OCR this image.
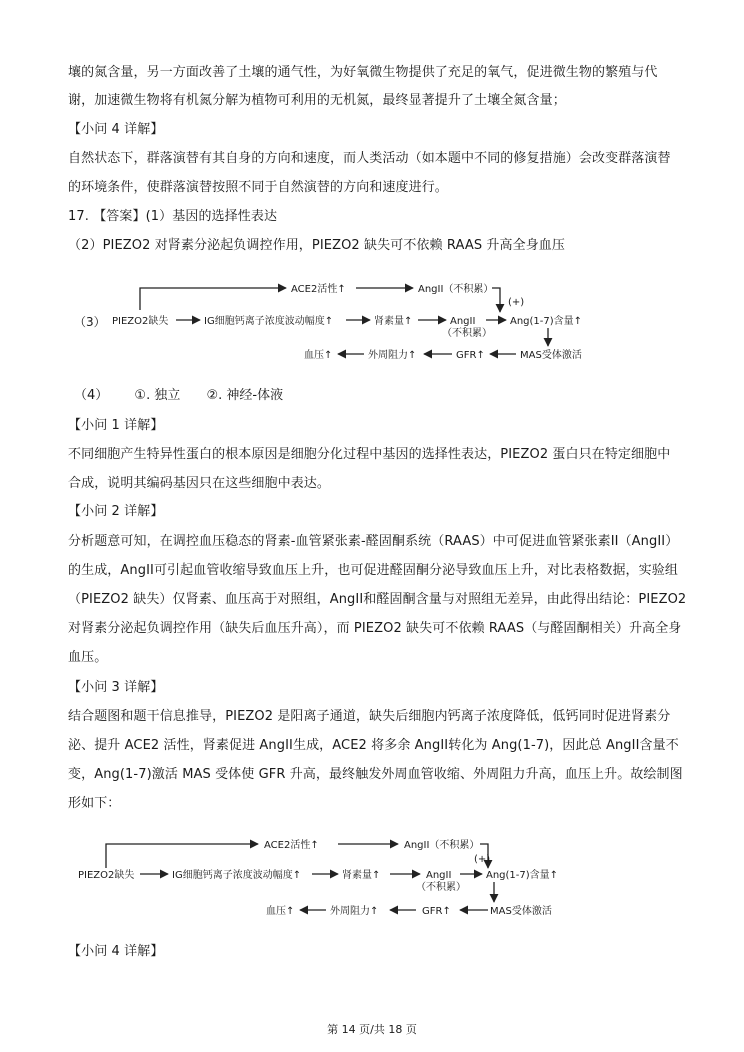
壤的氮含量，另一方面改善了土壤的通气性，为好氧微生物提供了充足的氧气，促进微生物的繁殖与代
谢，加速微生物将有机氮分解为植物可利用的无机氮，最终显著提升了土壤全氮含量；
【小问 4 详解】
自然状态下，群落演替有其自身的方向和速度，而人类活动（如本题中不同的修复措施）会改变群落演替
的环境条件，使群落演替按照不同于自然演替的方向和速度进行。
17. 【答案】(1）基因的选择性表达
（2）PIEZO2 对肾素分泌起负调控作用，PIEZO2 缺失可不依赖 RAAS 升高全身血压
（3）
ACE2活性↑	AngII（不积累）
(+)
PIEZO2缺失	IG细胞钙离子浓度波动幅度↑	肾素量↑	AngII
（不积累）
Ang(1-7)含量↑
血压↑	外周阻力↑	GFR↑	MAS受体激活
（4） ①. 独立 ②. 神经-体液
【小问 1 详解】
不同细胞产生特异性蛋白的根本原因是细胞分化过程中基因的选择性表达，PIEZO2 蛋白只在特定细胞中
合成，说明其编码基因只在这些细胞中表达。
【小问 2 详解】
分析题意可知，在调控血压稳态的肾素-血管紧张素-醛固酮系统（RAAS）中可促进血管紧张素II（AngII）
的生成，AngII可引起血管收缩导致血压上升，也可促进醛固酮分泌导致血压上升，对比表格数据，实验组
（PIEZO2 缺失）仅肾素、血压高于对照组，AngII和醛固酮含量与对照组无差异，由此得出结论：PIEZO2
对肾素分泌起负调控作用（缺失后血压升高），而 PIEZO2 缺失可不依赖 RAAS（与醛固酮相关）升高全身
血压。
【小问 3 详解】
结合题图和题干信息推导，PIEZO2 是阳离子通道，缺失后细胞内钙离子浓度降低，低钙同时促进肾素分
泌、提升 ACE2 活性，肾素促进 AngII生成，ACE2 将多余 AngII转化为 Ang(1-7)，因此总 AngII含量不
变，Ang(1-7)激活 MAS 受体使 GFR 升高，最终触发外周血管收缩、外周阻力升高，血压上升。故绘制图
形如下：
ACE2活性↑	AngII（不积累）
(+)
PIEZO2缺失	IG细胞钙离子浓度波动幅度↑	肾素量↑	AngII
（不积累）
Ang(1-7)含量↑
血压↑	外周阻力↑	GFR↑	MAS受体激活
【小问 4 详解】
第 14 页/共 18 页
